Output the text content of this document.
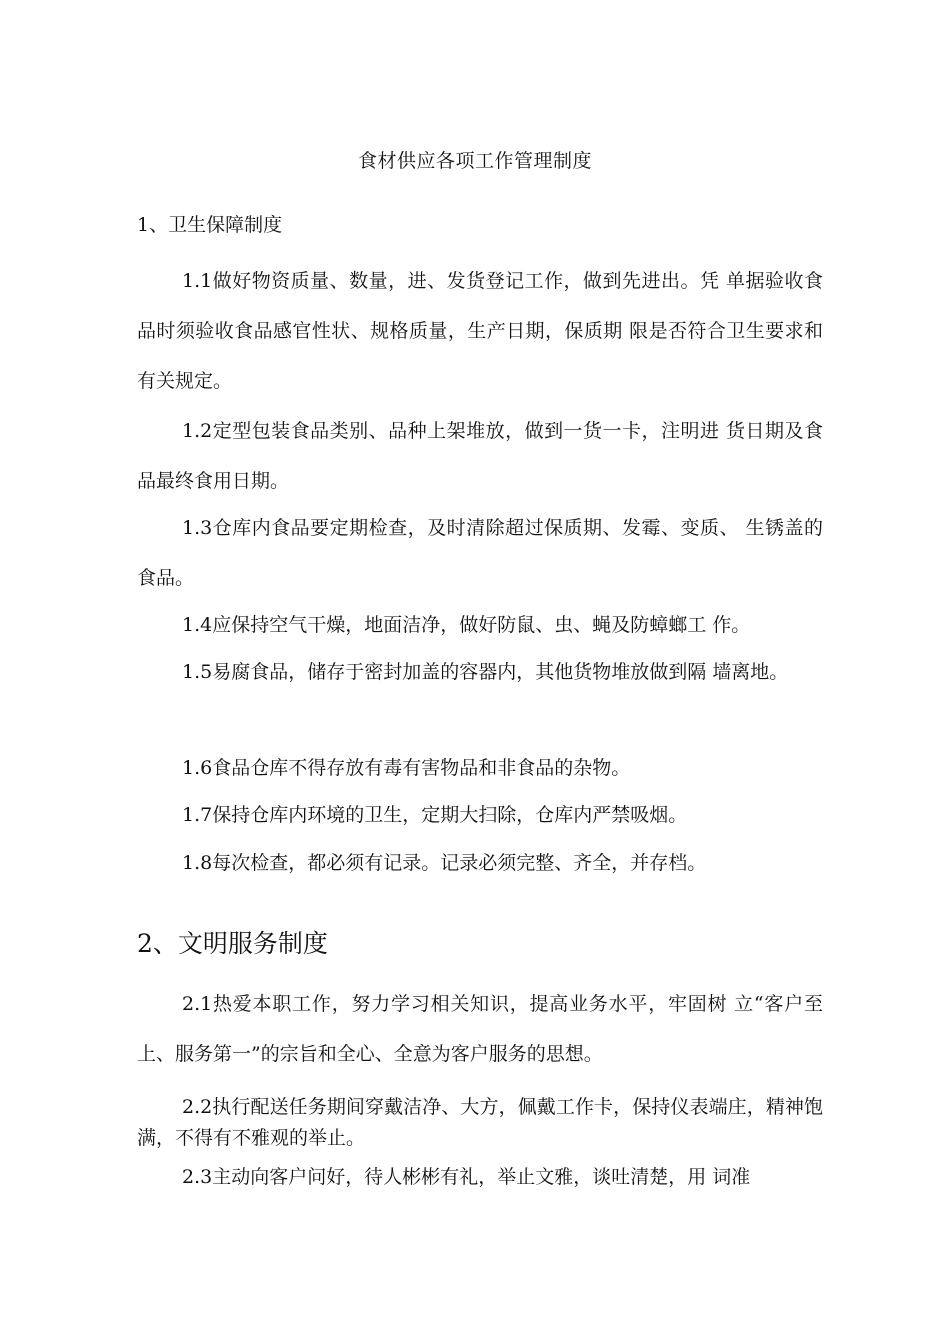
食材供应各项工作管理制度
1、卫生保障制度

1.1做好物资质量、数量，进、发货登记工作，做到先进出。凭 单据验收食品时须验收食品感官性状、规格质量，生产日期，保质期 限是否符合卫生要求和有关规定。

1.2定型包装食品类别、品种上架堆放，做到一货一卡，注明进 货日期及食品最终食用日期。

1.3仓库内食品要定期检查，及时清除超过保质期、发霉、变质、 生锈盖的食品。

1.4应保持空气干燥，地面洁净，做好防鼠、虫、蝇及防蟑螂工 作。

1.5易腐食品，储存于密封加盖的容器内，其他货物堆放做到隔 墙离地。

1.6食品仓库不得存放有毒有害物品和非食品的杂物。

1.7保持仓库内环境的卫生，定期大扫除，仓库内严禁吸烟。

1.8每次检查，都必须有记录。记录必须完整、齐全，并存档。

2、文明服务制度

2.1热爱本职工作，努力学习相关知识，提高业务水平，牢固树 立“客户至上、服务第一”的宗旨和全心、全意为客户服务的思想。

2.2执行配送任务期间穿戴洁净、大方，佩戴工作卡，保持仪表端庄，精神饱满，不得有不雅观的举止。

2.3主动向客户问好，待人彬彬有礼，举止文雅，谈吐清楚，用 词准
